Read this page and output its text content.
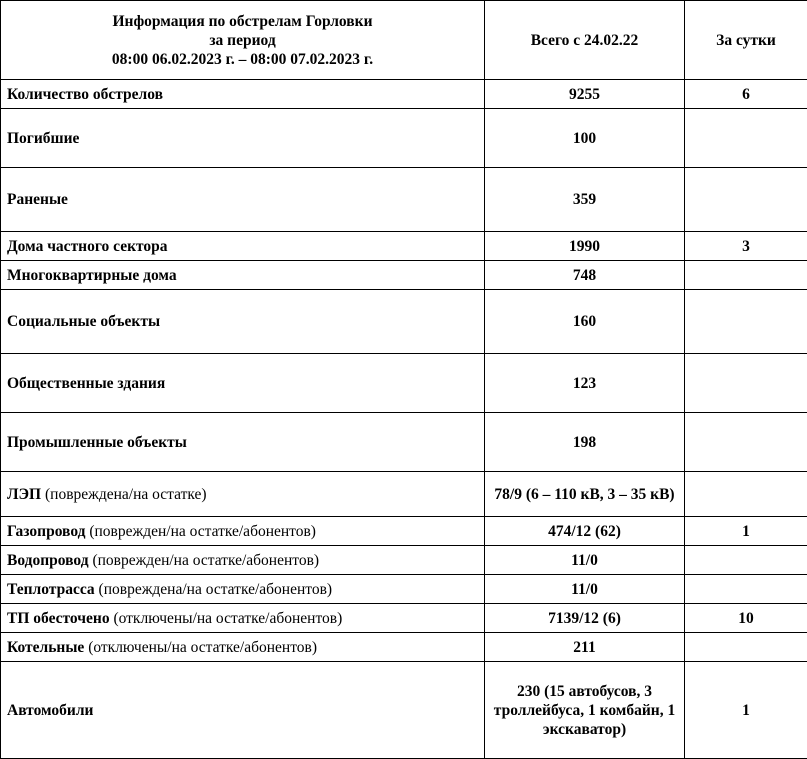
Информация по обстрелам Горловки
за период
08:00 06.02.2023 г. – 08:00 07.02.2023 г.	Всего с 24.02.22	За сутки
Количество обстрелов	9255	6
Погибшие	100	
Раненые	359	
Дома частного сектора	1990	3
Многоквартирные дома	748	
Социальные объекты	160	
Общественные здания	123	
Промышленные объекты	198	
ЛЭП (повреждена/на остатке)	78/9 (6 – 110 кВ, 3 – 35 кВ)	
Газопровод (поврежден/на остатке/абонентов)	474/12 (62)	1
Водопровод (поврежден/на остатке/абонентов)	11/0	
Теплотрасса (повреждена/на остатке/абонентов)	11/0	
ТП обесточено (отключены/на остатке/абонентов)	7139/12 (6)	10
Котельные (отключены/на остатке/абонентов)	211	
Автомобили	230 (15 автобусов, 3 троллейбуса, 1 комбайн, 1 экскаватор)	1
